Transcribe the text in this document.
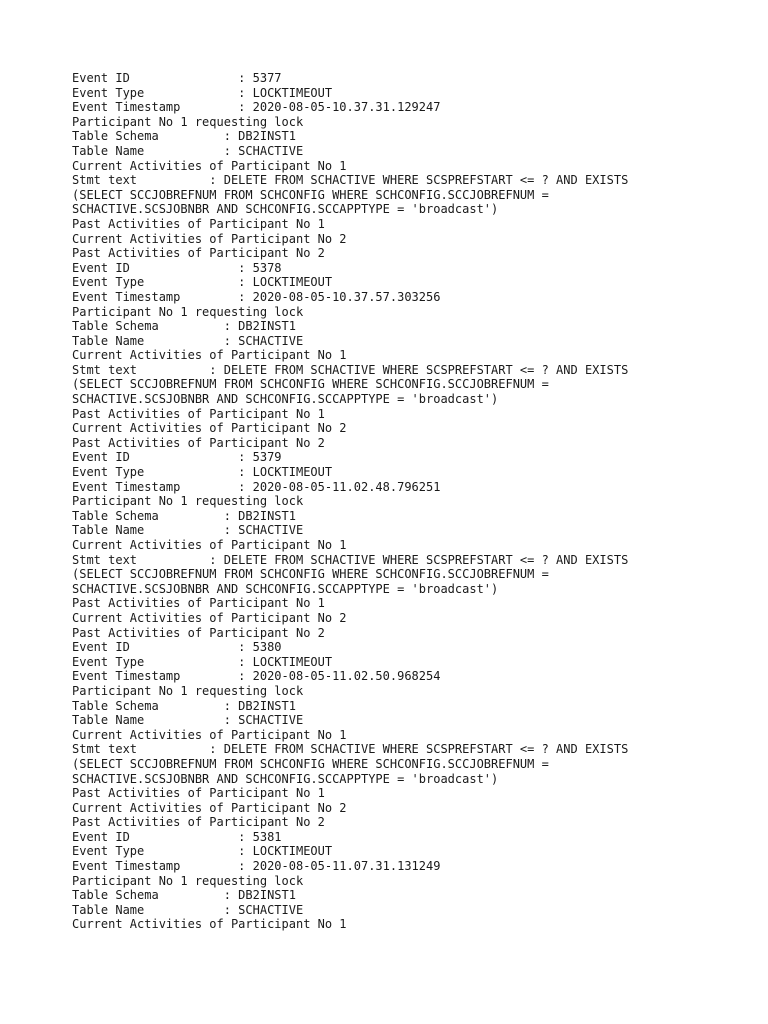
Event ID               : 5377
Event Type             : LOCKTIMEOUT
Event Timestamp        : 2020-08-05-10.37.31.129247
Participant No 1 requesting lock
Table Schema         : DB2INST1
Table Name           : SCHACTIVE
Current Activities of Participant No 1
Stmt text          : DELETE FROM SCHACTIVE WHERE SCSPREFSTART <= ? AND EXISTS
(SELECT SCCJOBREFNUM FROM SCHCONFIG WHERE SCHCONFIG.SCCJOBREFNUM =
SCHACTIVE.SCSJOBNBR AND SCHCONFIG.SCCAPPTYPE = 'broadcast')
Past Activities of Participant No 1
Current Activities of Participant No 2
Past Activities of Participant No 2
Event ID               : 5378
Event Type             : LOCKTIMEOUT
Event Timestamp        : 2020-08-05-10.37.57.303256
Participant No 1 requesting lock
Table Schema         : DB2INST1
Table Name           : SCHACTIVE
Current Activities of Participant No 1
Stmt text          : DELETE FROM SCHACTIVE WHERE SCSPREFSTART <= ? AND EXISTS
(SELECT SCCJOBREFNUM FROM SCHCONFIG WHERE SCHCONFIG.SCCJOBREFNUM =
SCHACTIVE.SCSJOBNBR AND SCHCONFIG.SCCAPPTYPE = 'broadcast')
Past Activities of Participant No 1
Current Activities of Participant No 2
Past Activities of Participant No 2
Event ID               : 5379
Event Type             : LOCKTIMEOUT
Event Timestamp        : 2020-08-05-11.02.48.796251
Participant No 1 requesting lock
Table Schema         : DB2INST1
Table Name           : SCHACTIVE
Current Activities of Participant No 1
Stmt text          : DELETE FROM SCHACTIVE WHERE SCSPREFSTART <= ? AND EXISTS
(SELECT SCCJOBREFNUM FROM SCHCONFIG WHERE SCHCONFIG.SCCJOBREFNUM =
SCHACTIVE.SCSJOBNBR AND SCHCONFIG.SCCAPPTYPE = 'broadcast')
Past Activities of Participant No 1
Current Activities of Participant No 2
Past Activities of Participant No 2
Event ID               : 5380
Event Type             : LOCKTIMEOUT
Event Timestamp        : 2020-08-05-11.02.50.968254
Participant No 1 requesting lock
Table Schema         : DB2INST1
Table Name           : SCHACTIVE
Current Activities of Participant No 1
Stmt text          : DELETE FROM SCHACTIVE WHERE SCSPREFSTART <= ? AND EXISTS
(SELECT SCCJOBREFNUM FROM SCHCONFIG WHERE SCHCONFIG.SCCJOBREFNUM =
SCHACTIVE.SCSJOBNBR AND SCHCONFIG.SCCAPPTYPE = 'broadcast')
Past Activities of Participant No 1
Current Activities of Participant No 2
Past Activities of Participant No 2
Event ID               : 5381
Event Type             : LOCKTIMEOUT
Event Timestamp        : 2020-08-05-11.07.31.131249
Participant No 1 requesting lock
Table Schema         : DB2INST1
Table Name           : SCHACTIVE
Current Activities of Participant No 1
